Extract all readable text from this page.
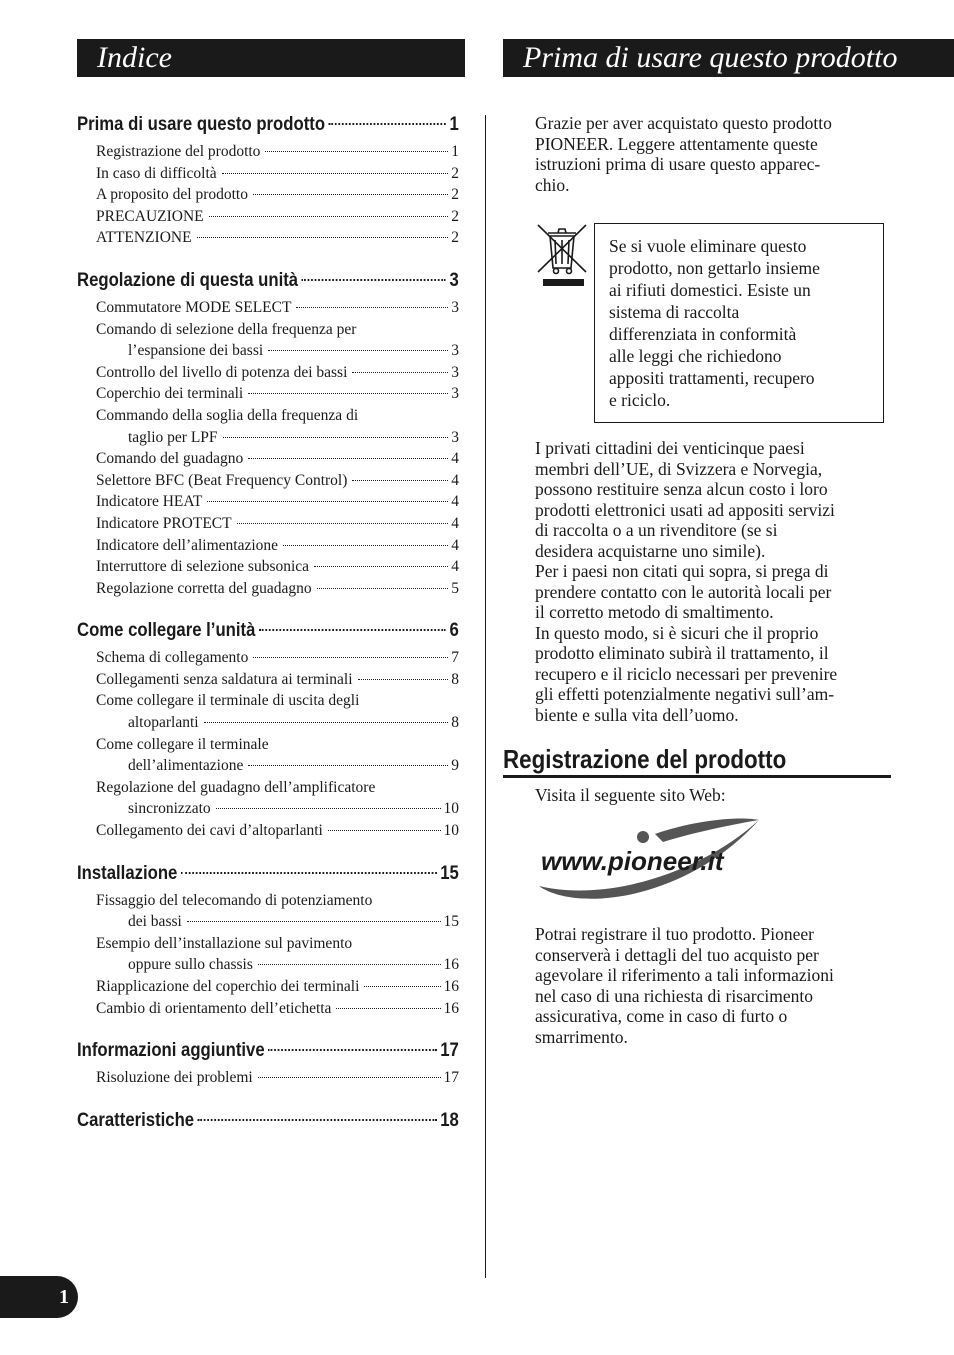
Indice	Prima di usare questo prodotto
Prima di usare questo prodotto	1
Registrazione del prodotto	1
In caso di difficoltà	2
A proposito del prodotto	2
PRECAUZIONE	2
ATTENZIONE	2
Regolazione di questa unità	3
Commutatore MODE SELECT	3
Comando di selezione della frequenza per
l’espansione dei bassi	3
Controllo del livello di potenza dei bassi	3
Coperchio dei terminali	3
Commando della soglia della frequenza di
taglio per LPF	3
Comando del guadagno	4
Selettore BFC (Beat Frequency Control)	4
Indicatore HEAT	4
Indicatore PROTECT	4
Indicatore dell’alimentazione	4
Interruttore di selezione subsonica	4
Regolazione corretta del guadagno	5
Come collegare l’unità	6
Schema di collegamento	7
Collegamenti senza saldatura ai terminali	8
Come collegare il terminale di uscita degli
altoparlanti	8
Come collegare il terminale
dell’alimentazione	9
Regolazione del guadagno dell’amplificatore
sincronizzato	10
Collegamento dei cavi d’altoparlanti	10
Installazione	15
Fissaggio del telecomando di potenziamento
dei bassi	15
Esempio dell’installazione sul pavimento
oppure sullo chassis	16
Riapplicazione del coperchio dei terminali	16
Cambio di orientamento dell’etichetta	16
Informazioni aggiuntive	17
Risoluzione dei problemi	17
Caratteristiche	18
Grazie per aver acquistato questo prodotto
PIONEER. Leggere attentamente queste
istruzioni prima di usare questo apparec-
chio.
Se si vuole eliminare questo
prodotto, non gettarlo insieme
ai rifiuti domestici. Esiste un
sistema di raccolta
differenziata in conformità
alle leggi che richiedono
appositi trattamenti, recupero
e riciclo.

I privati cittadini dei venticinque paesi
membri dell’UE, di Svizzera e Norvegia,
possono restituire senza alcun costo i loro
prodotti elettronici usati ad appositi servizi
di raccolta o a un rivenditore (se si
desidera acquistarne uno simile).

Per i paesi non citati qui sopra, si prega di
prendere contatto con le autorità locali per
il corretto metodo di smaltimento.

In questo modo, si è sicuri che il proprio
prodotto eliminato subirà il trattamento, il
recupero e il riciclo necessari per prevenire
gli effetti potenzialmente negativi sull’am-
biente e sulla vita dell’uomo.

Registrazione del prodotto
Visita il seguente sito Web:
www.pioneer.it
Potrai registrare il tuo prodotto. Pioneer
conserverà i dettagli del tuo acquisto per
agevolare il riferimento a tali informazioni
nel caso di una richiesta di risarcimento
assicurativa, come in caso di furto o
smarrimento.
1
